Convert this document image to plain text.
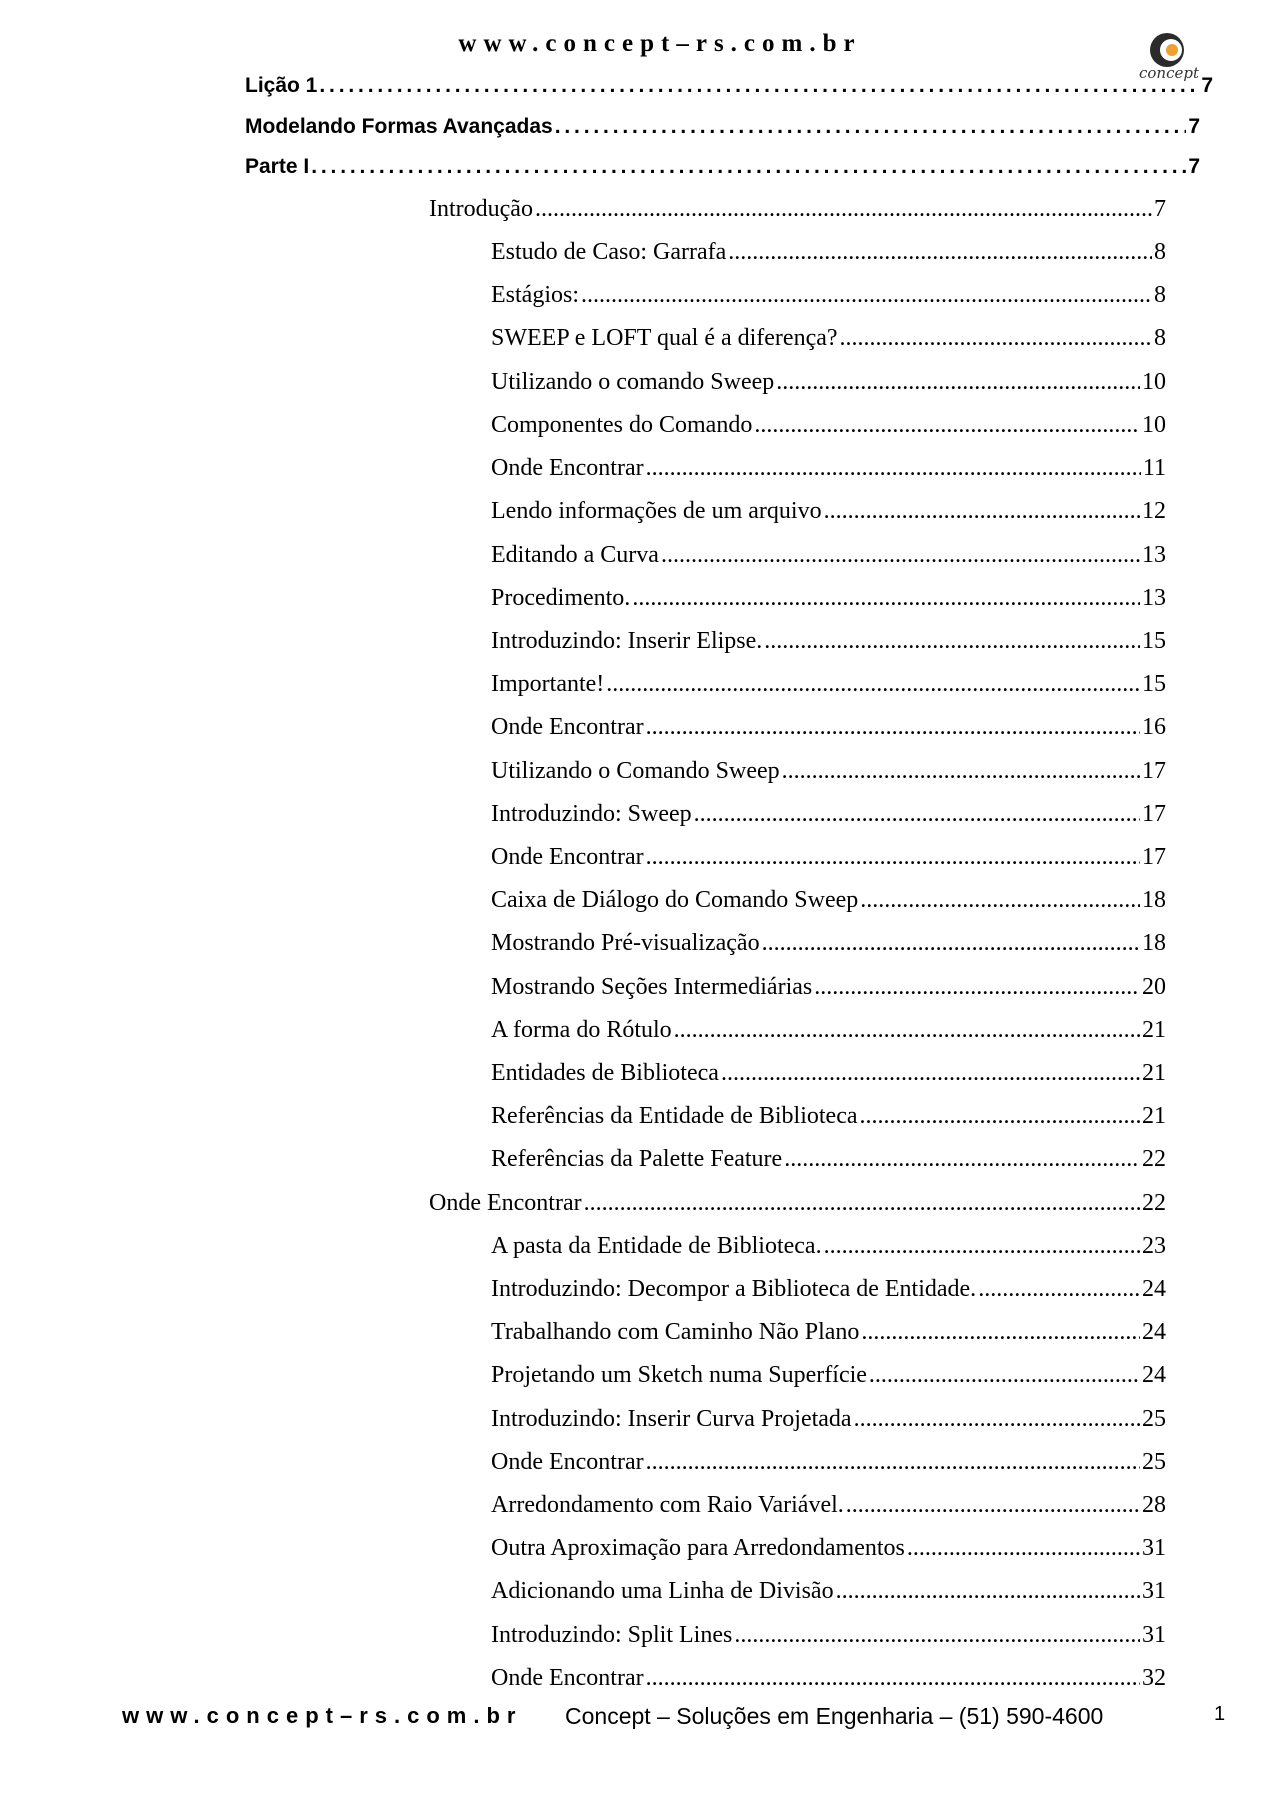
www.concept–rs.com.br
concept
Lição 1 . . .	7
Modelando Formas Avançadas . . .	7
Parte I . . .	7
Introdução . . .	7
Estudo de Caso: Garrafa . . .	8
Estágios: . . .	8
SWEEP e LOFT qual é a diferença? . . .	8
Utilizando o comando Sweep . . .	10
Componentes do Comando . . .	10
Onde Encontrar . . .	11
Lendo informações de um arquivo . . .	12
Editando a Curva . . .	13
Procedimento. . . .	13
Introduzindo: Inserir Elipse. . . .	15
Importante! . . .	15
Onde Encontrar . . .	16
Utilizando o Comando Sweep . . .	17
Introduzindo: Sweep . . .	17
Onde Encontrar . . .	17
Caixa de Diálogo do Comando Sweep . . .	18
Mostrando Pré-visualização . . .	18
Mostrando Seções Intermediárias . . .	20
A forma do Rótulo . . .	21
Entidades de Biblioteca . . .	21
Referências da Entidade de Biblioteca . . .	21
Referências da Palette Feature . . .	22
Onde Encontrar . . .	22
A pasta da Entidade de Biblioteca. . . .	23
Introduzindo: Decompor a Biblioteca de Entidade. . . .	24
Trabalhando com Caminho Não Plano . . .	24
Projetando um Sketch numa Superfície . . .	24
Introduzindo: Inserir Curva Projetada . . .	25
Onde Encontrar . . .	25
Arredondamento com Raio Variável. . . .	28
Outra Aproximação para Arredondamentos . . .	31
Adicionando uma Linha de Divisão . . .	31
Introduzindo: Split Lines . . .	31
Onde Encontrar . . .	32
www.concept–rs.com.br Concept – Soluções em Engenharia – (51) 590-4600	1
